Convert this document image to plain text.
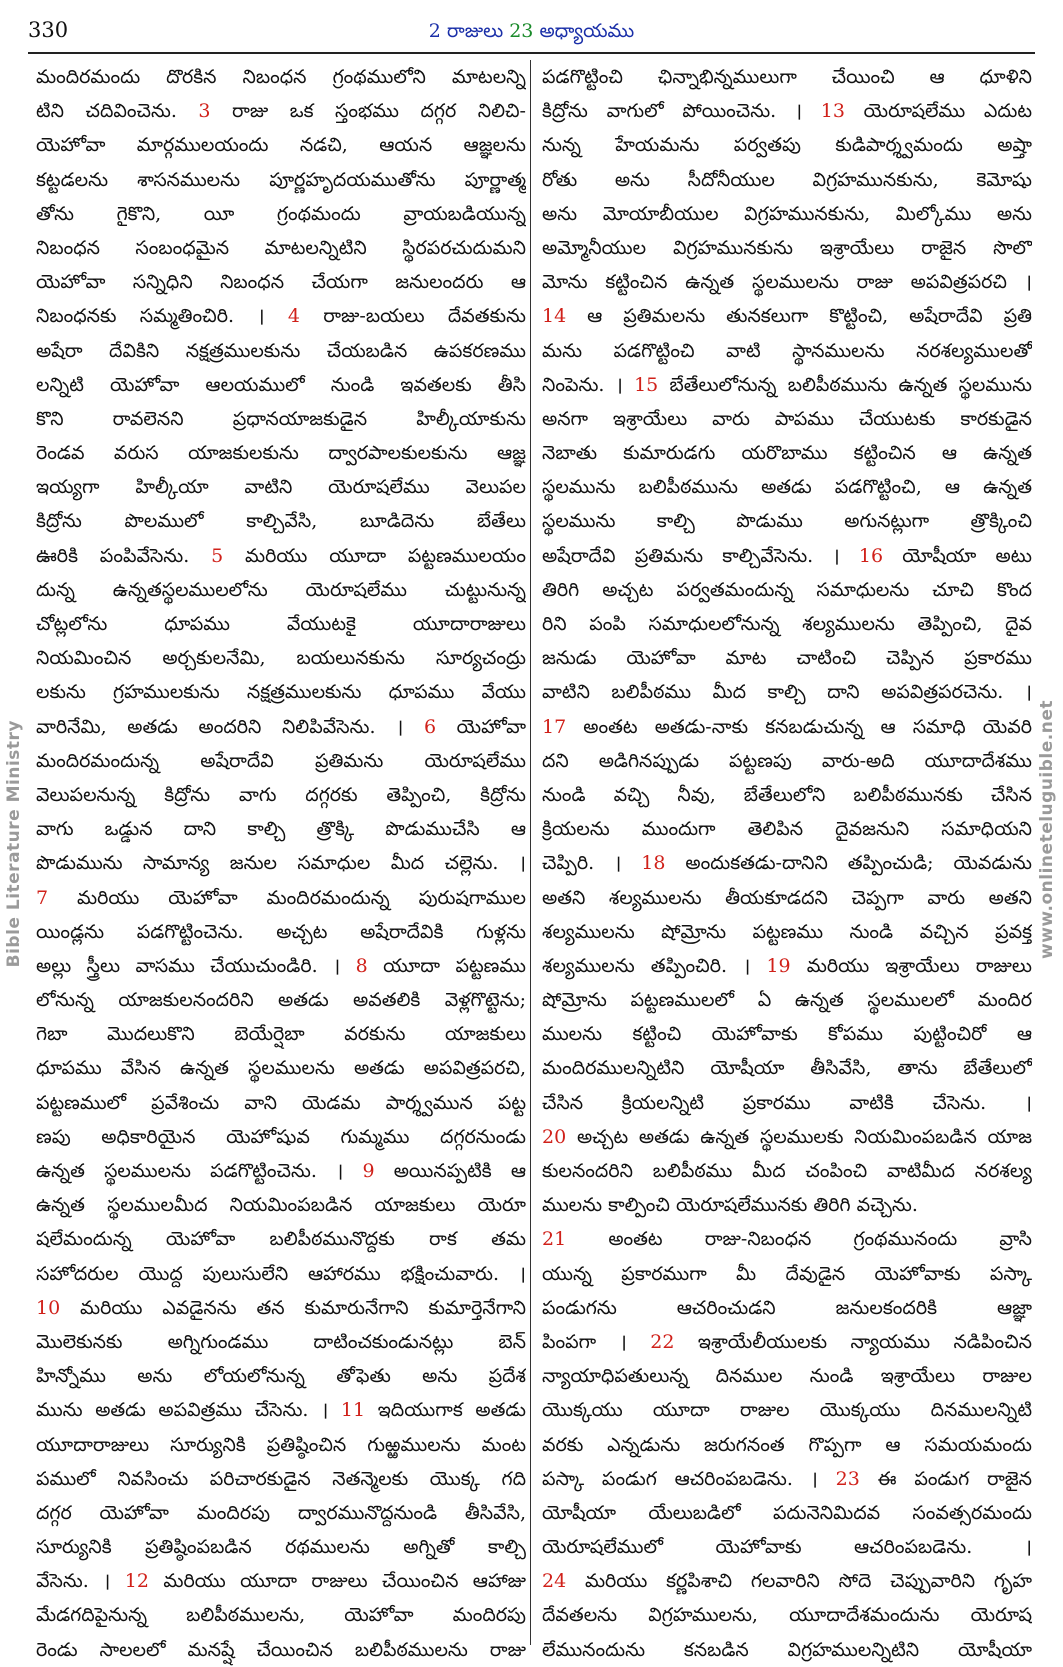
330	2 రాజులు 23 అధ్యాయము
మందిరమందు దొరకిన నిబంధన గ్రంథములోని మాటలన్ని
టిని చదివించెను. 3 రాజు ఒక స్తంభము దగ్గర నిలిచి-
యెహోవా మార్గములయందు నడచి, ఆయన ఆజ్ఞలను
కట్టడలను శాసనములను పూర్ణహృదయముతోను పూర్ణాత్మ
తోను గైకొని, యీ గ్రంథమందు వ్రాయబడియున్న
నిబంధన సంబంధమైన మాటలన్నిటిని స్థిరపరచుదుమని
యెహోవా సన్నిధిని నిబంధన చేయగా జనులందరు ఆ
నిబంధనకు సమ్మతించిరి. । 4 రాజు-బయలు దేవతకును
అషేరా దేవికిని నక్షత్రములకును చేయబడిన ఉపకరణము
లన్నిటి యెహోవా ఆలయములో నుండి ఇవతలకు తీసి
కొని రావలెనని ప్రధానయాజకుడైన హిల్కీయాకును
రెండవ వరుస యాజకులకును ద్వారపాలకులకును ఆజ్ఞ
ఇయ్యగా హిల్కీయా వాటిని యెరూషలేము వెలుపల
కిద్రోను పొలములో కాల్చివేసి, బూడిదెను బేతేలు
ఊరికి పంపివేసెను. 5 మరియు యూదా పట్టణములయం
దున్న ఉన్నతస్థలములలోను యెరూషలేము చుట్టునున్న
చోట్లలోను ధూపము వేయుటకై యూదారాజులు
నియమించిన అర్చకులనేమి, బయలునకును సూర్యచంద్రు
లకును గ్రహములకును నక్షత్రములకును ధూపము వేయు
వారినేమి, అతడు అందరిని నిలిపివేసెను. । 6 యెహోవా
మందిరమందున్న అషేరాదేవి ప్రతిమను యెరూషలేము
వెలుపలనున్న కిద్రోను వాగు దగ్గరకు తెప్పించి, కిద్రోను
వాగు ఒడ్డున దాని కాల్చి త్రొక్కి పొడుముచేసి ఆ
పొడుమును సామాన్య జనుల సమాధుల మీద చల్లెను. ।
7 మరియు యెహోవా మందిరమందున్న పురుషగాముల
యిండ్లను పడగొట్టించెను. అచ్చట అషేరాదేవికి గుళ్లను
అల్లు స్త్రీలు వాసము చేయుచుండిరి. । 8 యూదా పట్టణము
లోనున్న యాజకులనందరిని అతడు అవతలికి వెళ్లగొట్టెను;
గెబా మొదలుకొని బెయేర్షెబా వరకును యాజకులు
ధూపము వేసిన ఉన్నత స్థలములను అతడు అపవిత్రపరచి,
పట్టణములో ప్రవేశించు వాని యెడమ పార్శ్వమున పట్ట
ణపు అధికారియైన యెహోషువ గుమ్మము దగ్గరనుండు
ఉన్నత స్థలములను పడగొట్టించెను. । 9 అయినప్పటికి ఆ
ఉన్నత స్థలములమీద నియమింపబడిన యాజకులు యెరూ
షలేమందున్న యెహోవా బలిపీఠమునొద్దకు రాక తమ
సహోదరుల యొద్ద పులుసులేని ఆహారము భక్షించువారు. ।
10 మరియు ఎవడైనను తన కుమారునేగాని కుమార్తెనేగాని
మొలెకునకు అగ్నిగుండము దాటించకుండునట్లు బెన్
హిన్నోము అను లోయలోనున్న తోఫెతు అను ప్రదేశ
మును అతడు అపవిత్రము చేసెను. । 11 ఇదియుగాక అతడు
యూదారాజులు సూర్యునికి ప్రతిష్ఠించిన గుఱ్ఱములను మంట
పములో నివసించు పరిచారకుడైన నెతన్మెలకు యొక్క గది
దగ్గర యెహోవా మందిరపు ద్వారమునొద్దనుండి తీసివేసి,
సూర్యునికి ప్రతిష్ఠింపబడిన రథములను అగ్నితో కాల్చి
వేసెను. । 12 మరియు యూదా రాజులు చేయించిన ఆహాజు
మేడగదిపైనున్న బలిపీఠములను, యెహోవా మందిరపు
రెండు సాలలలో మనష్షే చేయించిన బలిపీఠములను రాజు
పడగొట్టించి ఛిన్నాభిన్నములుగా చేయించి ఆ ధూళిని
కిద్రోను వాగులో పోయించెను. । 13 యెరూషలేము ఎదుట
నున్న హేయమను పర్వతపు కుడిపార్శ్వమందు అష్తా
రోతు అను సీదోనీయుల విగ్రహమునకును, కెమోషు
అను మోయాబీయుల విగ్రహమునకును, మిల్కోము అను
అమ్మోనీయుల విగ్రహమునకును ఇశ్రాయేలు రాజైన సొలొ
మోను కట్టించిన ఉన్నత స్థలములను రాజు అపవిత్రపరచి ।
14 ఆ ప్రతిమలను తునకలుగా కొట్టించి, అషేరాదేవి ప్రతి
మను పడగొట్టించి వాటి స్థానములను నరశల్యములతో
నింపెను. । 15 బేతేలులోనున్న బలిపీఠమును ఉన్నత స్థలమును
అనగా ఇశ్రాయేలు వారు పాపము చేయుటకు కారకుడైన
నెబాతు కుమారుడగు యరొబాము కట్టించిన ఆ ఉన్నత
స్థలమును బలిపీఠమును అతడు పడగొట్టించి, ఆ ఉన్నత
స్థలమును కాల్చి పొడుము అగునట్లుగా త్రొక్కించి
అషేరాదేవి ప్రతిమను కాల్చివేసెను. । 16 యోషీయా అటు
తిరిగి అచ్చట పర్వతమందున్న సమాధులను చూచి కొంద
రిని పంపి సమాధులలోనున్న శల్యములను తెప్పించి, దైవ
జనుడు యెహోవా మాట చాటించి చెప్పిన ప్రకారము
వాటిని బలిపీఠము మీద కాల్చి దాని అపవిత్రపరచెను. ।
17 అంతట అతడు-నాకు కనబడుచున్న ఆ సమాధి యెవరి
దని అడిగినప్పుడు పట్టణపు వారు-అది యూదాదేశము
నుండి వచ్చి నీవు, బేతేలులోని బలిపీఠమునకు చేసిన
క్రియలను ముందుగా తెలిపిన దైవజనుని సమాధియని
చెప్పిరి. । 18 అందుకతడు-దానిని తప్పించుడి; యెవడును
అతని శల్యములను తీయకూడదని చెప్పగా వారు అతని
శల్యములను షోమ్రోను పట్టణము నుండి వచ్చిన ప్రవక్త
శల్యములను తప్పించిరి. । 19 మరియు ఇశ్రాయేలు రాజులు
షోమ్రోను పట్టణములలో ఏ ఉన్నత స్థలములలో మందిర
ములను కట్టించి యెహోవాకు కోపము పుట్టించిరో ఆ
మందిరములన్నిటిని యోషీయా తీసివేసి, తాను బేతేలులో
చేసిన క్రియలన్నిటి ప్రకారము వాటికి చేసెను. ।
20 అచ్చట అతడు ఉన్నత స్థలములకు నియమింపబడిన యాజ
కులనందరిని బలిపీఠము మీద చంపించి వాటిమీద నరశల్య
ములను కాల్పించి యెరూషలేమునకు తిరిగి వచ్చెను.
21 అంతట రాజు-నిబంధన గ్రంథమునందు వ్రాసి
యున్న ప్రకారముగా మీ దేవుడైన యెహోవాకు పస్కా
పండుగను ఆచరించుడని జనులకందరికి ఆజ్ఞా
పింపగా । 22 ఇశ్రాయేలీయులకు న్యాయము నడిపించిన
న్యాయాధిపతులున్న దినముల నుండి ఇశ్రాయేలు రాజుల
యొక్కయు యూదా రాజుల యొక్కయు దినములన్నిటి
వరకు ఎన్నడును జరుగనంత గొప్పగా ఆ సమయమందు
పస్కా పండుగ ఆచరింపబడెను. । 23 ఈ పండుగ రాజైన
యోషీయా యేలుబడిలో పదునెనిమిదవ సంవత్సరమందు
యెరూషలేములో యెహోవాకు ఆచరింపబడెను. ।
24 మరియు కర్ణపిశాచి గలవారిని సోదె చెప్పువారిని గృహ
దేవతలను విగ్రహములను, యూదాదేశమందును యెరూష
లేమునందును కనబడిన విగ్రహములన్నిటిని యోషీయా
Bible Literature Ministry	www.onlineteluguible.net
